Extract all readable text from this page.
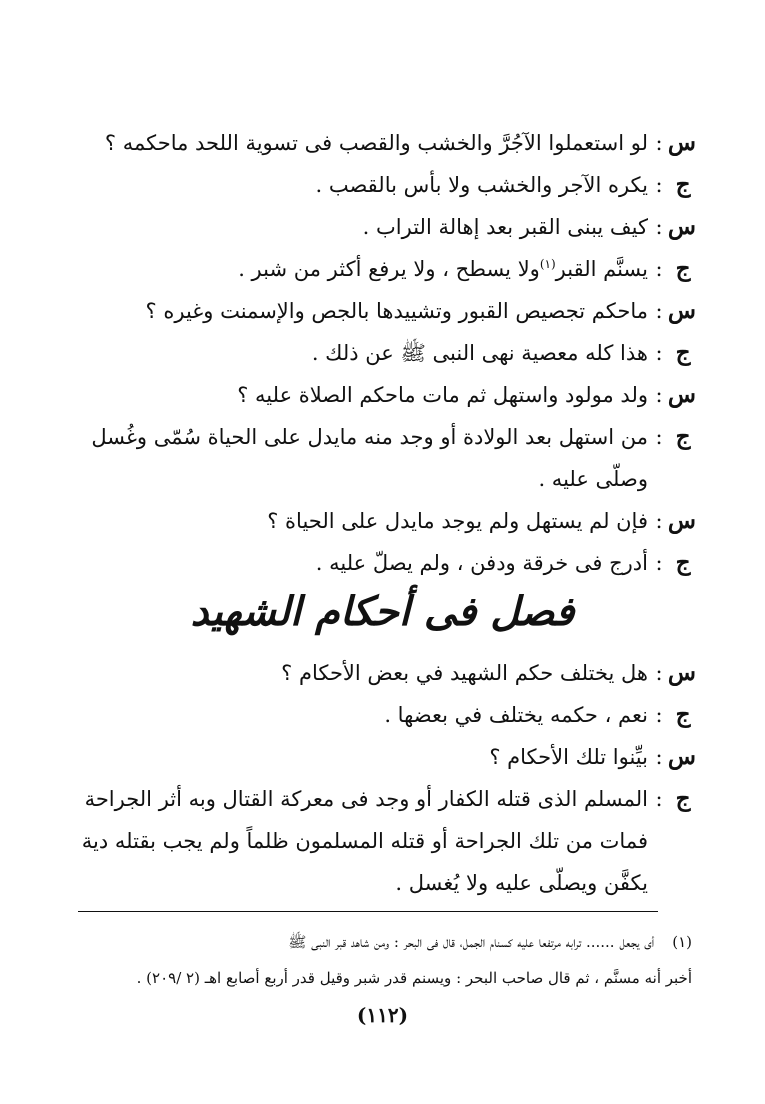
س
:
لو استعملوا الآجُرَّ والخشب والقصب فى تسوية اللحد ماحكمه ؟
ج
:
يكره الآجر والخشب ولا بأس بالقصب .
س
:
كيف يبنى القبر بعد إهالة التراب .
ج
:
يسنَّم القبر$^{(١)}$ولا يسطح ، ولا يرفع أكثر من شبر .
س
:
ماحكم تجصيص القبور وتشييدها بالجص والإسمنت وغيره ؟
ج
:
هذا كله معصية نهى النبى ﷺ عن ذلك .
س
:
ولد مولود واستهل ثم مات ماحكم الصلاة عليه ؟
ج
:
من استهل بعد الولادة أو وجد منه مايدل على الحياة سُمّى وغُسل وصلّى عليه .
س
:
فإن لم يستهل ولم يوجد مايدل على الحياة ؟
ج
:
أدرج فى خرقة ودفن ، ولم يصلّ عليه .
فصل فى أحكام الشهيد
س
:
هل يختلف حكم الشهيد في بعض الأحكام ؟
ج
:
نعم ، حكمه يختلف في بعضها .
س
:
بيِّنوا تلك الأحكام ؟
ج
:
المسلم الذى قتله الكفار أو وجد فى معركة القتال وبه أثر الجراحة فمات من تلك الجراحة أو قتله المسلمون ظلماً ولم يجب بقتله دية يكفَّن ويصلّى عليه ولا يُغسل .
(١)أى يجعل ...... ترابه مرتفعا عليه كسنام الجمل، قال فى البحر : ومن شاهد قبر النبى ﷺ
أخبر أنه مسنَّم ، ثم قال صاحب البحر : ويسنم قدر شبر وقيل قدر أربع أصابع اهـ (٢ /٢٠٩) .
(١١٢)
